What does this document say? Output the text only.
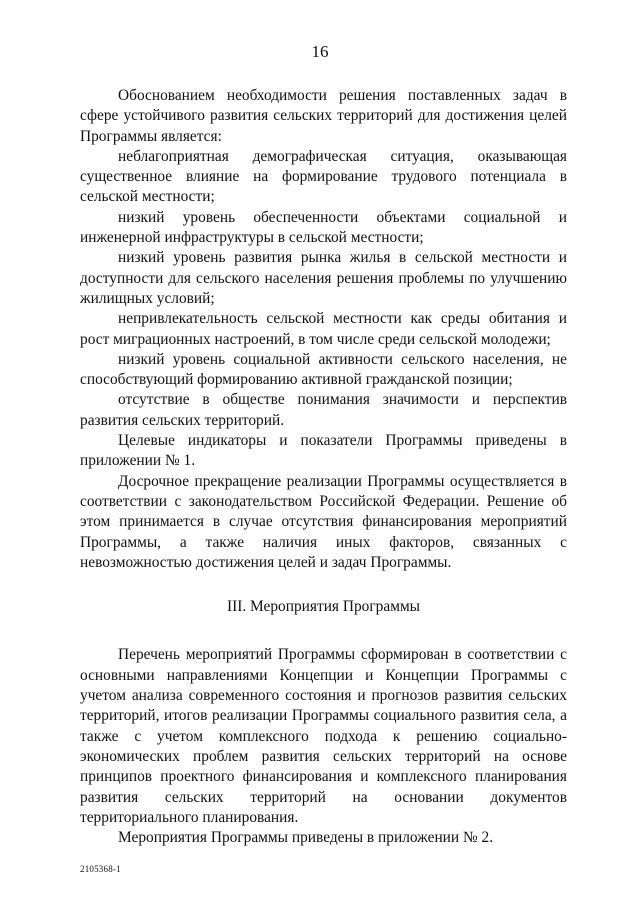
16

Обоснованием необходимости решения поставленных задач в сфере устойчивого развития сельских территорий для достижения целей Программы является:

неблагоприятная демографическая ситуация, оказывающая существенное влияние на формирование трудового потенциала в сельской местности;

низкий уровень обеспеченности объектами социальной и инженерной инфраструктуры в сельской местности;

низкий уровень развития рынка жилья в сельской местности и доступности для сельского населения решения проблемы по улучшению жилищных условий;

непривлекательность сельской местности как среды обитания и рост миграционных настроений, в том числе среди сельской молодежи;

низкий уровень социальной активности сельского населения, не способствующий формированию активной гражданской позиции;

отсутствие в обществе понимания значимости и перспектив развития сельских территорий.

Целевые индикаторы и показатели Программы приведены в приложении № 1.

Досрочное прекращение реализации Программы осуществляется в соответствии с законодательством Российской Федерации. Решение об этом принимается в случае отсутствия финансирования мероприятий Программы, а также наличия иных факторов, связанных с невозможностью достижения целей и задач Программы.

III. Мероприятия Программы

Перечень мероприятий Программы сформирован в соответствии с основными направлениями Концепции и Концепции Программы с учетом анализа современного состояния и прогнозов развития сельских территорий, итогов реализации Программы социального развития села, а также с учетом комплексного подхода к решению социально-экономических проблем развития сельских территорий на основе принципов проектного финансирования и комплексного планирования развития сельских территорий на основании документов территориального планирования.

Мероприятия Программы приведены в приложении № 2.

2105368-1
